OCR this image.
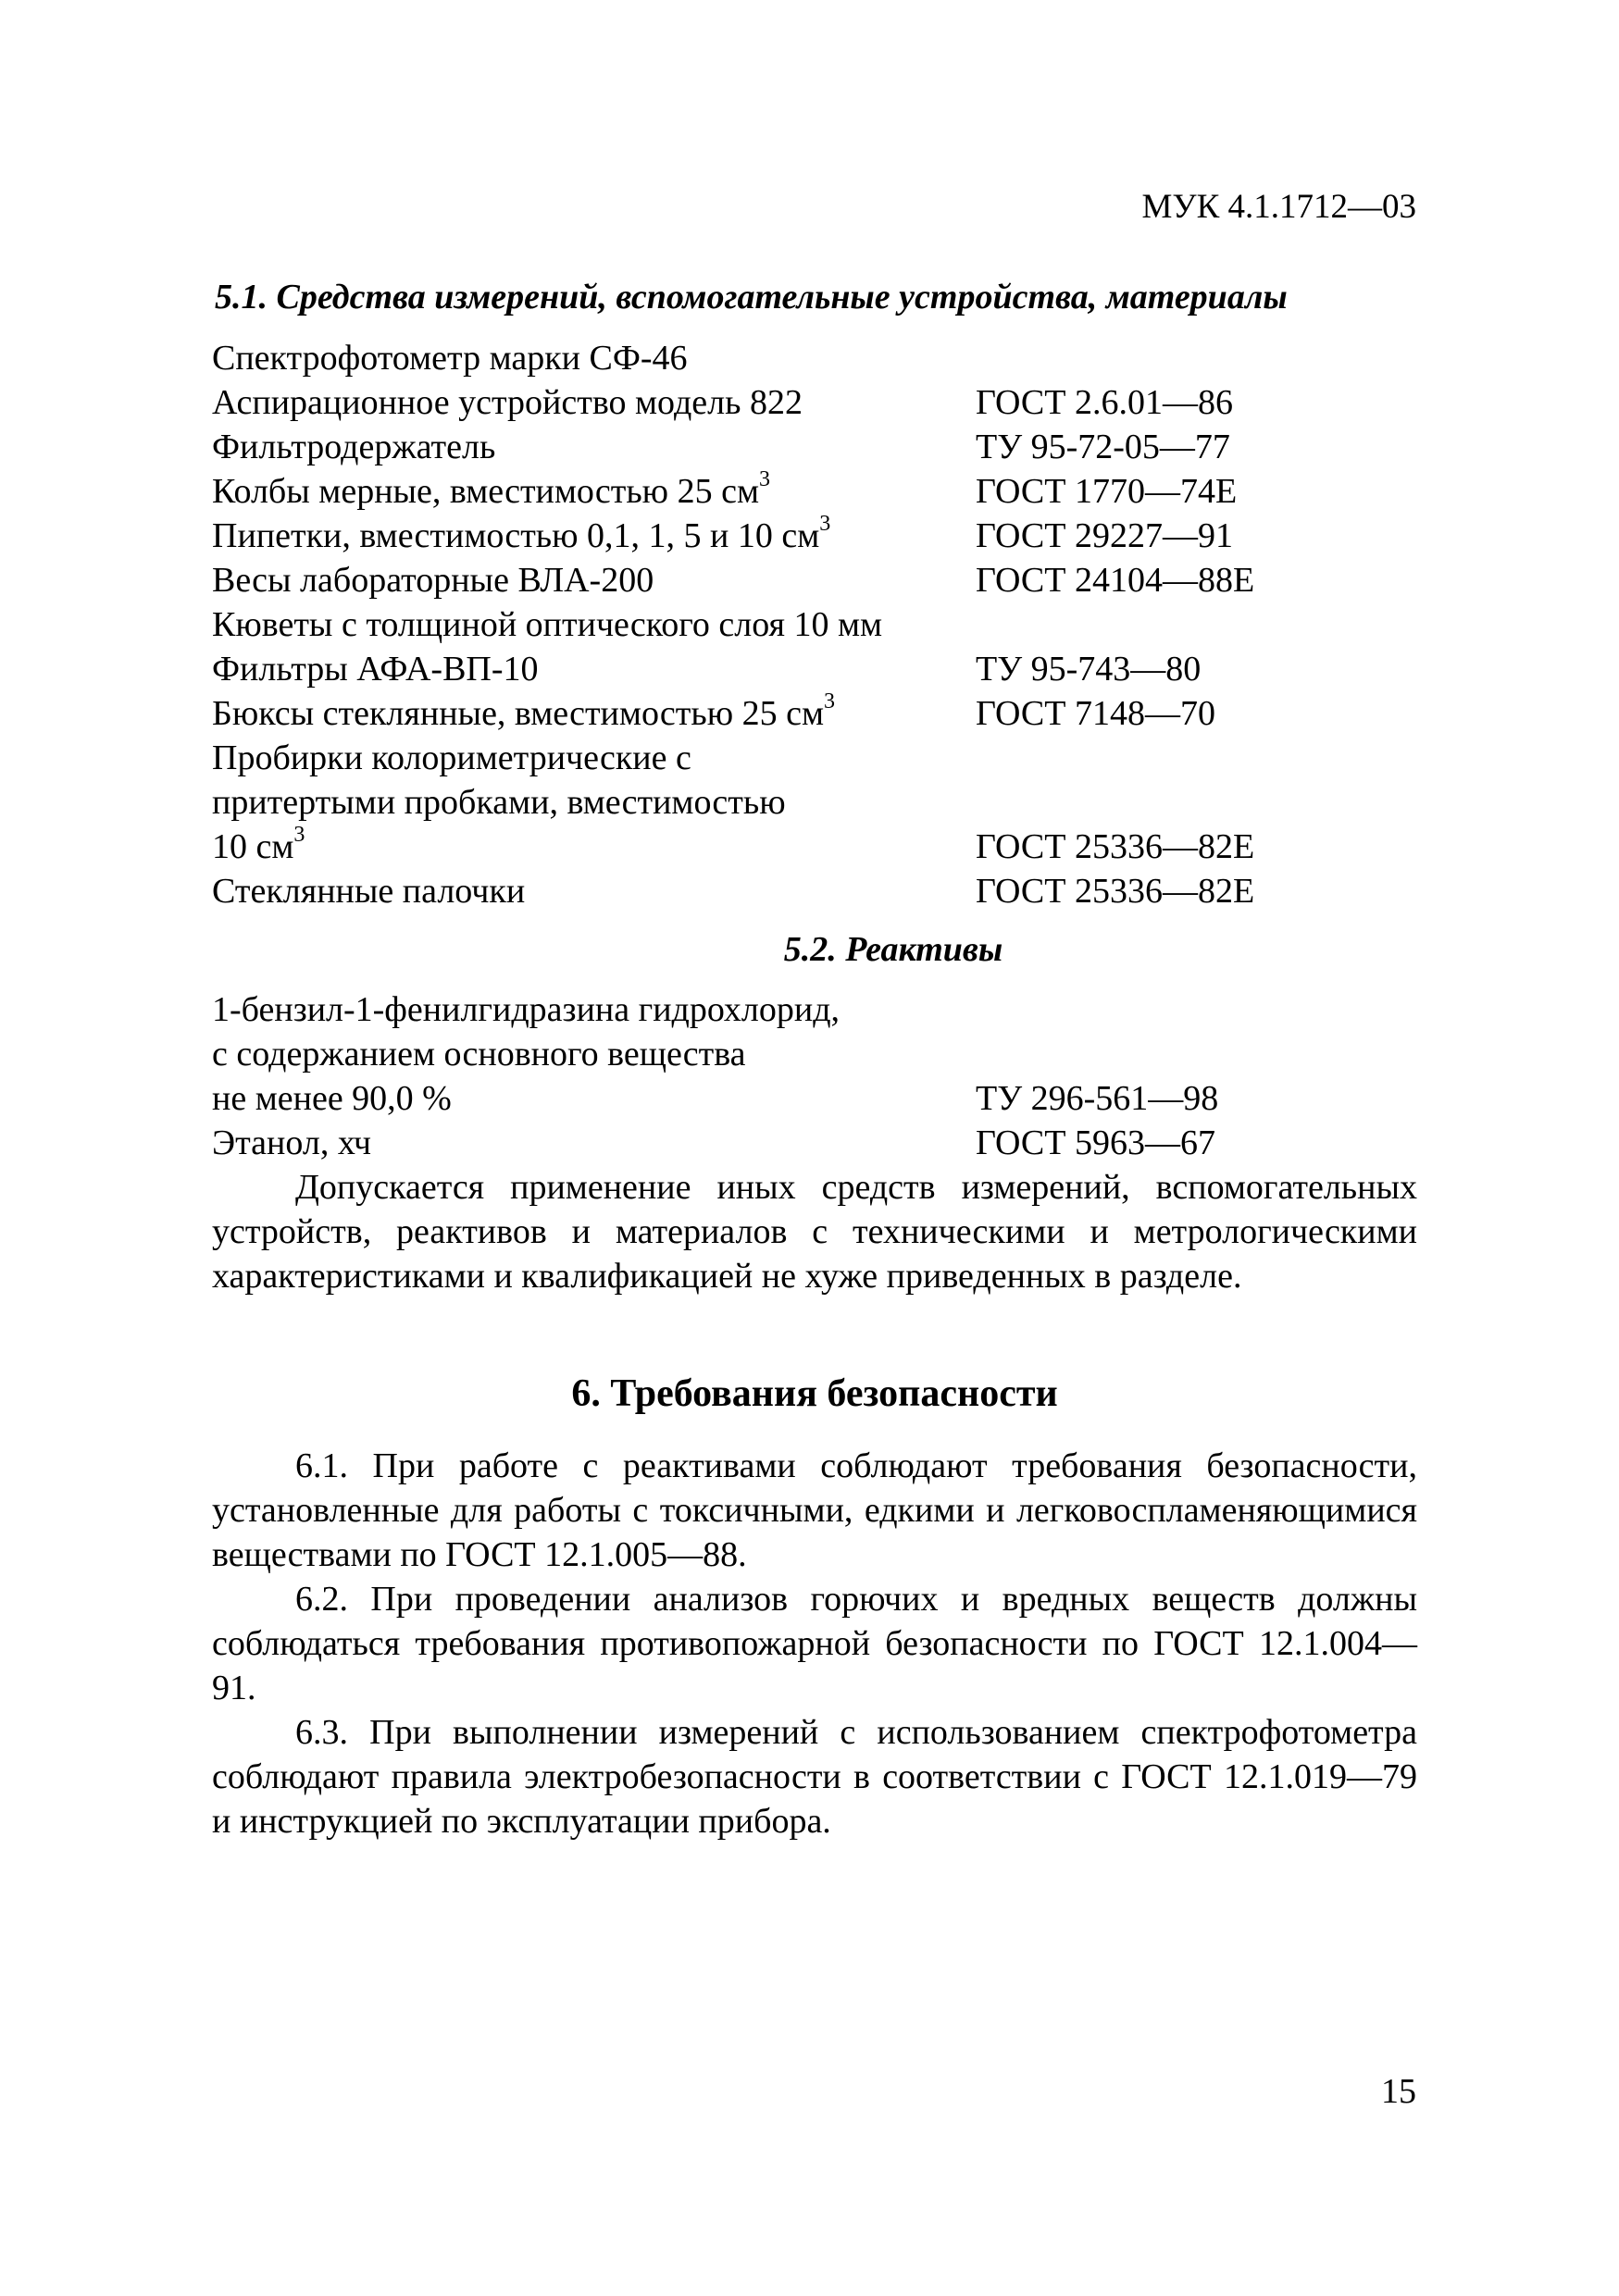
МУК 4.1.1712—03
5.1. Средства измерений, вспомогательные устройства, материалы
Спектрофотометр марки СФ-46
Аспирационное устройство модель 822	ГОСТ 2.6.01—86
Фильтродержатель	ТУ 95-72-05—77
Колбы мерные, вместимостью 25 $см^3$	ГОСТ 1770—74Е
Пипетки, вместимостью 0,1, 1, 5 и 10 $см^3$	ГОСТ 29227—91
Весы лабораторные ВЛА-200	ГОСТ 24104—88Е
Кюветы с толщиной оптического слоя 10 мм
Фильтры АФА-ВП-10	ТУ 95-743—80
Бюксы стеклянные, вместимостью 25 $см^3$	ГОСТ 7148—70
Пробирки колориметрические с
притертыми пробками, вместимостью
10 $см^3$	ГОСТ 25336—82Е
Стеклянные палочки	ГОСТ 25336—82Е
5.2. Реактивы
1-бензил-1-фенилгидразина гидрохлорид,
с содержанием основного вещества
не менее 90,0 %	ТУ 296-561—98
Этанол, хч	ГОСТ 5963—67
Допускается применение иных средств измерений, вспомогательных устройств, реактивов и материалов с техническими и метрологическими характеристиками и квалификацией не хуже приведенных в разделе.
6. Требования безопасности
6.1. При работе с реактивами соблюдают требования безопасности, установленные для работы с токсичными, едкими и легковоспламеняющимися веществами по ГОСТ 12.1.005—88.
6.2. При проведении анализов горючих и вредных веществ должны соблюдаться требования противопожарной безопасности по ГОСТ 12.1.004—91.
6.3. При выполнении измерений с использованием спектрофотометра соблюдают правила электробезопасности в соответствии с ГОСТ 12.1.019—79 и инструкцией по эксплуатации прибора.
15
